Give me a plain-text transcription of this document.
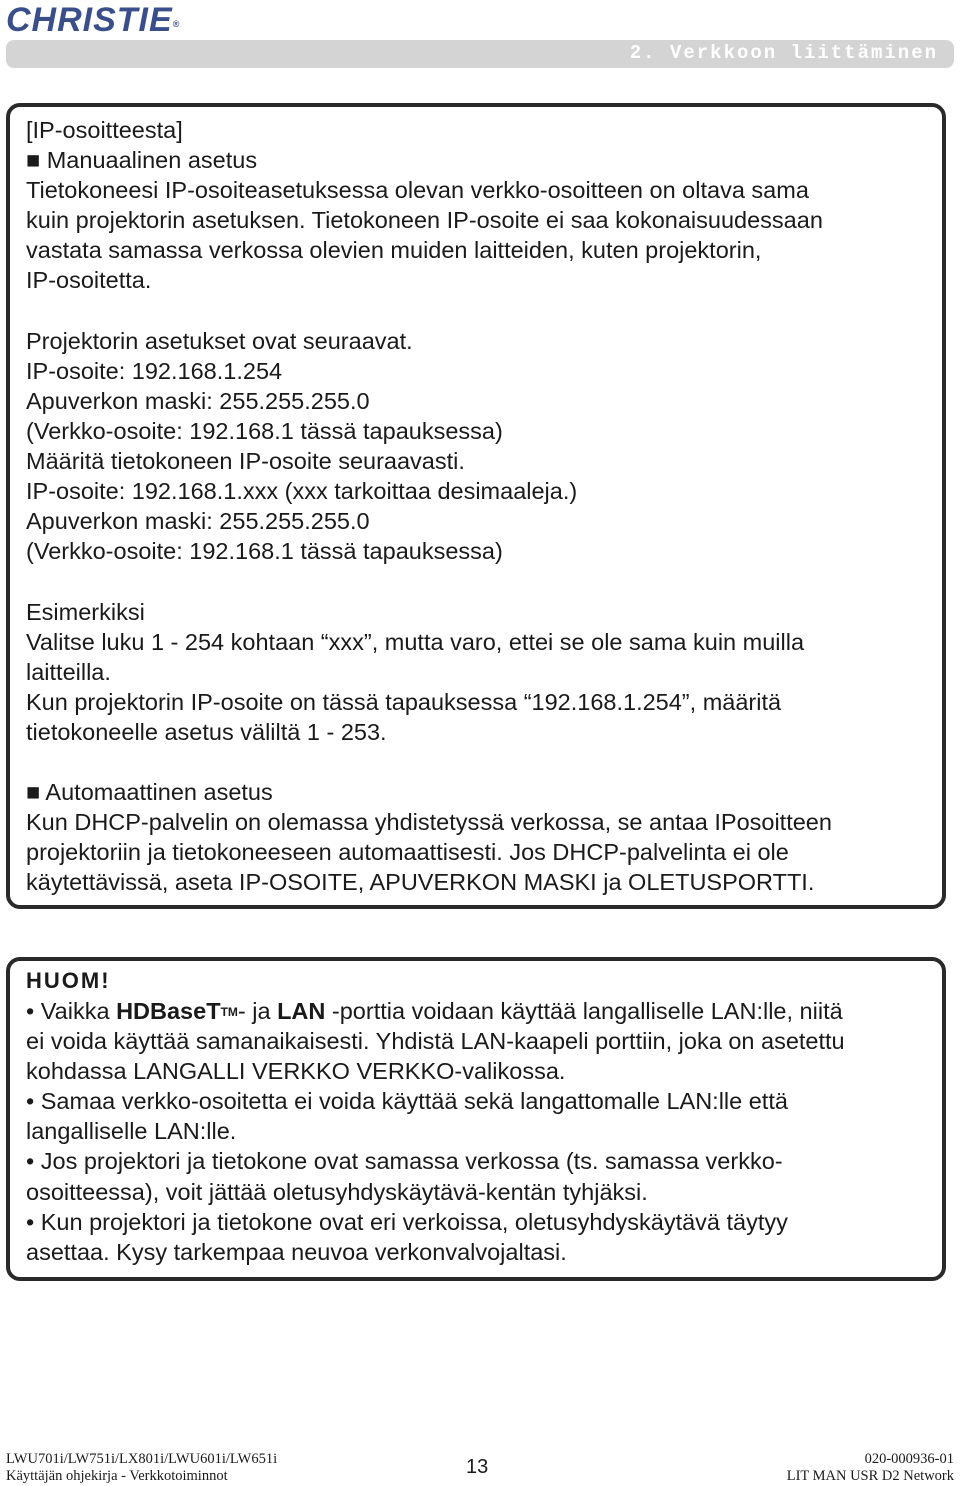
CHRISTIE®
2. Verkkoon liittäminen
[IP-osoitteesta]
■ Manuaalinen asetus
Tietokoneesi IP-osoiteasetuksessa olevan verkko-osoitteen on oltava sama
kuin projektorin asetuksen. Tietokoneen IP-osoite ei saa kokonaisuudessaan
vastata samassa verkossa olevien muiden laitteiden, kuten projektorin,
IP-osoitetta.
Projektorin asetukset ovat seuraavat.
IP-osoite: 192.168.1.254
Apuverkon maski: 255.255.255.0
(Verkko-osoite: 192.168.1 tässä tapauksessa)
Määritä tietokoneen IP-osoite seuraavasti.
IP-osoite: 192.168.1.xxx (xxx tarkoittaa desimaaleja.)
Apuverkon maski: 255.255.255.0
(Verkko-osoite: 192.168.1 tässä tapauksessa)
Esimerkiksi
Valitse luku 1 - 254 kohtaan “xxx”, mutta varo, ettei se ole sama kuin muilla
laitteilla.
Kun projektorin IP-osoite on tässä tapauksessa “192.168.1.254”, määritä
tietokoneelle asetus väliltä 1 - 253.
■ Automaattinen asetus
Kun DHCP-palvelin on olemassa yhdistetyssä verkossa, se antaa IPosoitteen
projektoriin ja tietokoneeseen automaattisesti. Jos DHCP-palvelinta ei ole
käytettävissä, aseta IP-OSOITE, APUVERKON MASKI ja OLETUSPORTTI.
HUOM!
• Vaikka HDBaseT™- ja LAN -porttia voidaan käyttää langalliselle LAN:lle, niitä
ei voida käyttää samanaikaisesti. Yhdistä LAN-kaapeli porttiin, joka on asetettu
kohdassa LANGALLI VERKKO VERKKO-valikossa.
• Samaa verkko-osoitetta ei voida käyttää sekä langattomalle LAN:lle että
langalliselle LAN:lle.
• Jos projektori ja tietokone ovat samassa verkossa (ts. samassa verkko-
osoitteessa), voit jättää oletusyhdyskäytävä-kentän tyhjäksi.
• Kun projektori ja tietokone ovat eri verkoissa, oletusyhdyskäytävä täytyy
asettaa. Kysy tarkempaa neuvoa verkonvalvojaltasi.
LWU701i/LW751i/LX801i/LWU601i/LW651i
Käyttäjän ohjekirja - Verkkotoiminnot	13	020-000936-01
LIT MAN USR D2 Network
